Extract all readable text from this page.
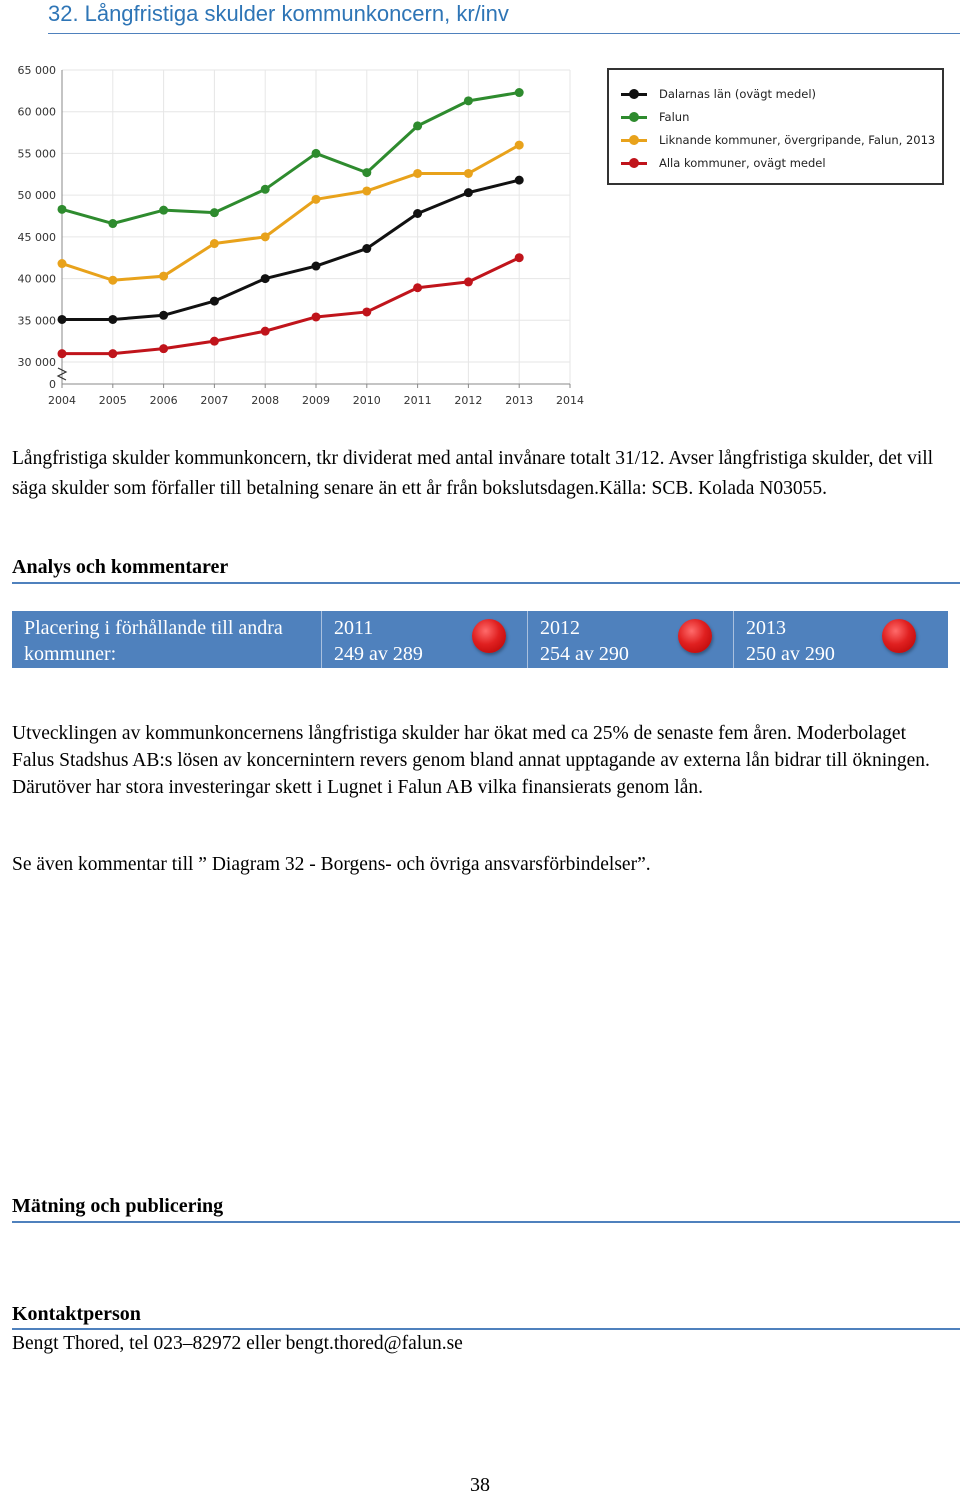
32. Långfristiga skulder kommunkoncern, kr/inv
0
30 000
35 000
40 000
45 000
50 000
55 000
60 000
65 000
2004 2005 2006 2007 2008 2009 2010 2011 2012 2013 2014
Dalarnas län (ovägt medel)
Falun
Liknande kommuner, övergripande, Falun, 2013
Alla kommuner, ovägt medel
Långfristiga skulder kommunkoncern, tkr dividerat med antal invånare totalt 31/12. Avser långfristiga skulder, det vill säga skulder som förfaller till betalning senare än ett år från bokslutsdagen.Källa: SCB. Kolada N03055.
Analys och kommentarer
Placering i förhållande till andra kommuner:
2011
249 av 289
2012
254 av 290
2013
250 av 290
Utvecklingen av kommunkoncernens långfristiga skulder har ökat med ca 25% de senaste fem åren. Moderbolaget Falus Stadshus AB:s lösen av koncernintern revers genom bland annat upptagande av externa lån bidrar till ökningen. Därutöver har stora investeringar skett i Lugnet i Falun AB vilka finansierats genom lån.
Se även kommentar till ” Diagram 32 - Borgens- och övriga ansvarsförbindelser”.
Mätning och publicering
Kontaktperson
Bengt Thored, tel 023–82972 eller bengt.thored@falun.se
38
